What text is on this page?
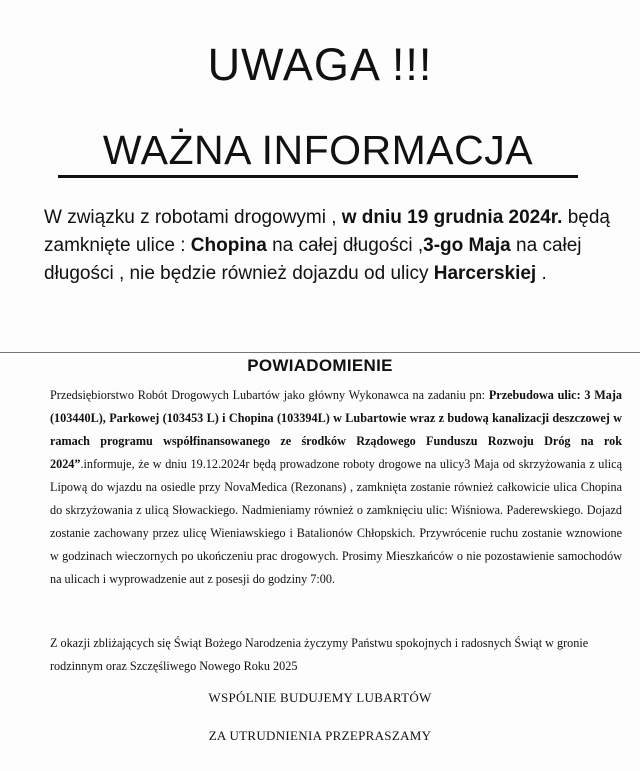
UWAGA !!!
WAŻNA INFORMACJA
W związku z robotami drogowymi , w dniu 19 grudnia 2024r. będą zamknięte ulice : Chopina na całej długości ,3-go Maja na całej długości , nie będzie również dojazdu od ulicy Harcerskiej .
POWIADOMIENIE
Przedsiębiorstwo Robót Drogowych Lubartów jako główny Wykonawca na zadaniu pn: Przebudowa ulic: 3 Maja (103440L), Parkowej (103453 L) i Chopina (103394L) w Lubartowie wraz z budową kanalizacji deszczowej w ramach programu współfinansowanego ze środków Rządowego Funduszu Rozwoju Dróg na rok 2024”.informuje, że w dniu 19.12.2024r będą prowadzone roboty drogowe na ulicy3 Maja od skrzyżowania z ulicą Lipową do wjazdu na osiedle przy NovaMedica (Rezonans) , zamknięta zostanie również całkowicie ulica Chopina do skrzyżowania z ulicą Słowackiego. Nadmieniamy również o zamknięciu ulic: Wiśniowa. Paderewskiego. Dojazd zostanie zachowany przez ulicę Wieniawskiego i Batalionów Chłopskich. Przywrócenie ruchu zostanie wznowione w godzinach wieczornych po ukończeniu prac drogowych. Prosimy Mieszkańców o nie pozostawienie samochodów na ulicach i wyprowadzenie aut z posesji do godziny 7:00.
Z okazji zbliżających się Świąt Bożego Narodzenia życzymy Państwu spokojnych i radosnych Świąt w gronie rodzinnym oraz Szczęśliwego Nowego Roku 2025
WSPÓLNIE BUDUJEMY LUBARTÓW
ZA UTRUDNIENIA PRZEPRASZAMY
